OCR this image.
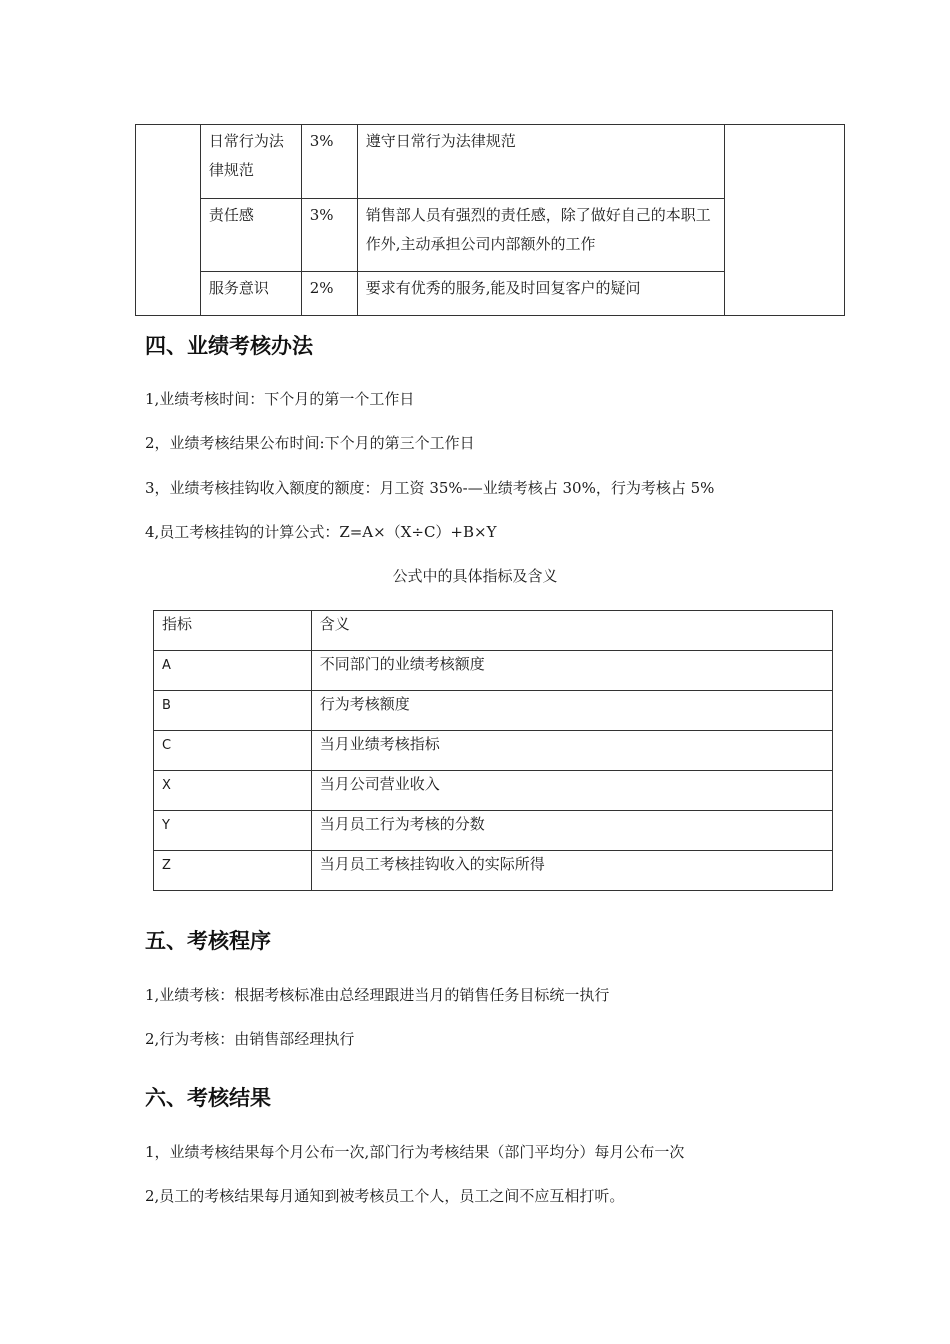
	日常行为法律规范	3%	遵守日常行为法律规范	
	责任感	3%	销售部人员有强烈的责任感，除了做好自己的本职工作外,主动承担公司内部额外的工作	
	服务意识	2%	要求有优秀的服务,能及时回复客户的疑问	
四、业绩考核办法

1,业绩考核时间：下个月的第一个工作日

2，业绩考核结果公布时间:下个月的第三个工作日

3，业绩考核挂钩收入额度的额度：月工资 35%-—业绩考核占 30%，行为考核占 5%

4,员工考核挂钩的计算公式：Z=A×（X÷C）+B×Y

公式中的具体指标及含义

指标	含义
A	不同部门的业绩考核额度
B	行为考核额度
C	当月业绩考核指标
X	当月公司营业收入
Y	当月员工行为考核的分数
Z	当月员工考核挂钩收入的实际所得
五、考核程序

1,业绩考核：根据考核标准由总经理跟进当月的销售任务目标统一执行

2,行为考核：由销售部经理执行

六、考核结果

1，业绩考核结果每个月公布一次,部门行为考核结果（部门平均分）每月公布一次

2,员工的考核结果每月通知到被考核员工个人，员工之间不应互相打听。
